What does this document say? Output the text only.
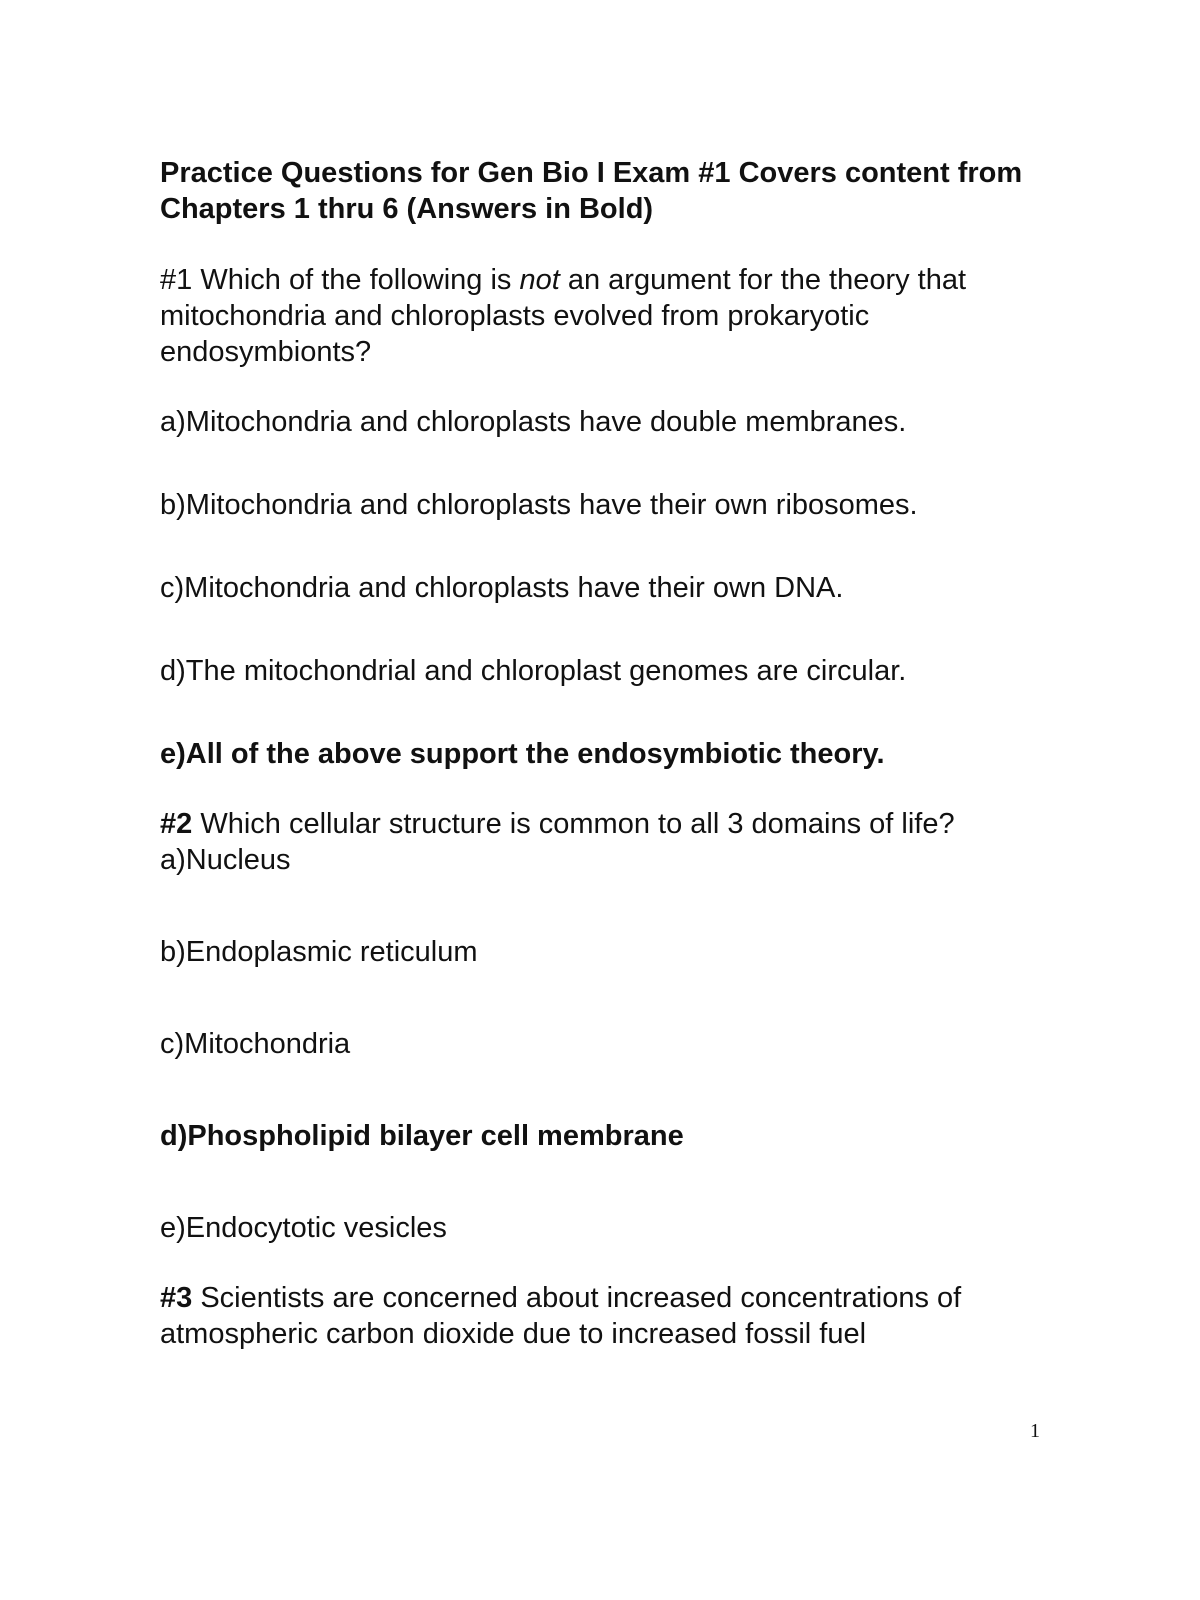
Practice Questions for Gen Bio I Exam #1 Covers content from Chapters 1 thru 6 (Answers in Bold)

#1 Which of the following is not an argument for the theory that mitochondria and chloroplasts evolved from prokaryotic endosymbionts?

a)Mitochondria and chloroplasts have double membranes.

b)Mitochondria and chloroplasts have their own ribosomes.

c)Mitochondria and chloroplasts have their own DNA.

d)The mitochondrial and chloroplast genomes are circular.

e)All of the above support the endosymbiotic theory.

#2 Which cellular structure is common to all 3 domains of life?

a)Nucleus

b)Endoplasmic reticulum

c)Mitochondria

d)Phospholipid bilayer cell membrane

e)Endocytotic vesicles

#3 Scientists are concerned about increased concentrations of atmospheric carbon dioxide due to increased fossil fuel

1
